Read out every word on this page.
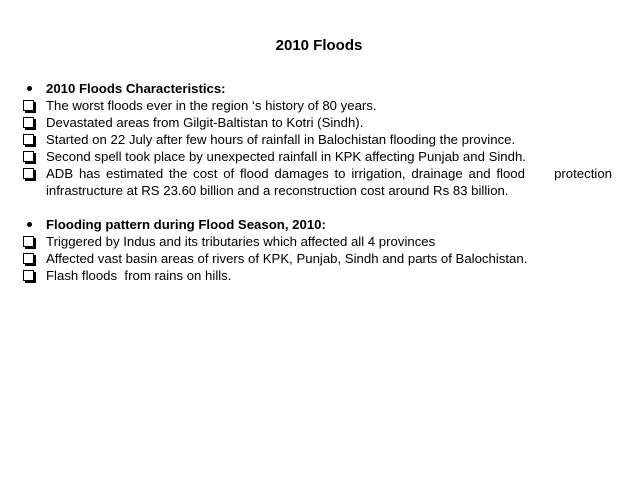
2010 Floods
2010 Floods Characteristics:
The worst floods ever in the region ‘s history of 80 years.
Devastated areas from Gilgit-Baltistan to Kotri (Sindh).
Started on 22 July after few hours of rainfall in Balochistan flooding the province.
Second spell took place by unexpected rainfall in KPK affecting Punjab and Sindh.
ADB has estimated the cost of flood damages to irrigation, drainage and flood     protection infrastructure at RS 23.60 billion and a reconstruction cost around Rs 83 billion.
Flooding pattern during Flood Season, 2010:
Triggered by Indus and its tributaries which affected all 4 provinces
Affected vast basin areas of rivers of KPK, Punjab, Sindh and parts of Balochistan.
Flash floods  from rains on hills.
